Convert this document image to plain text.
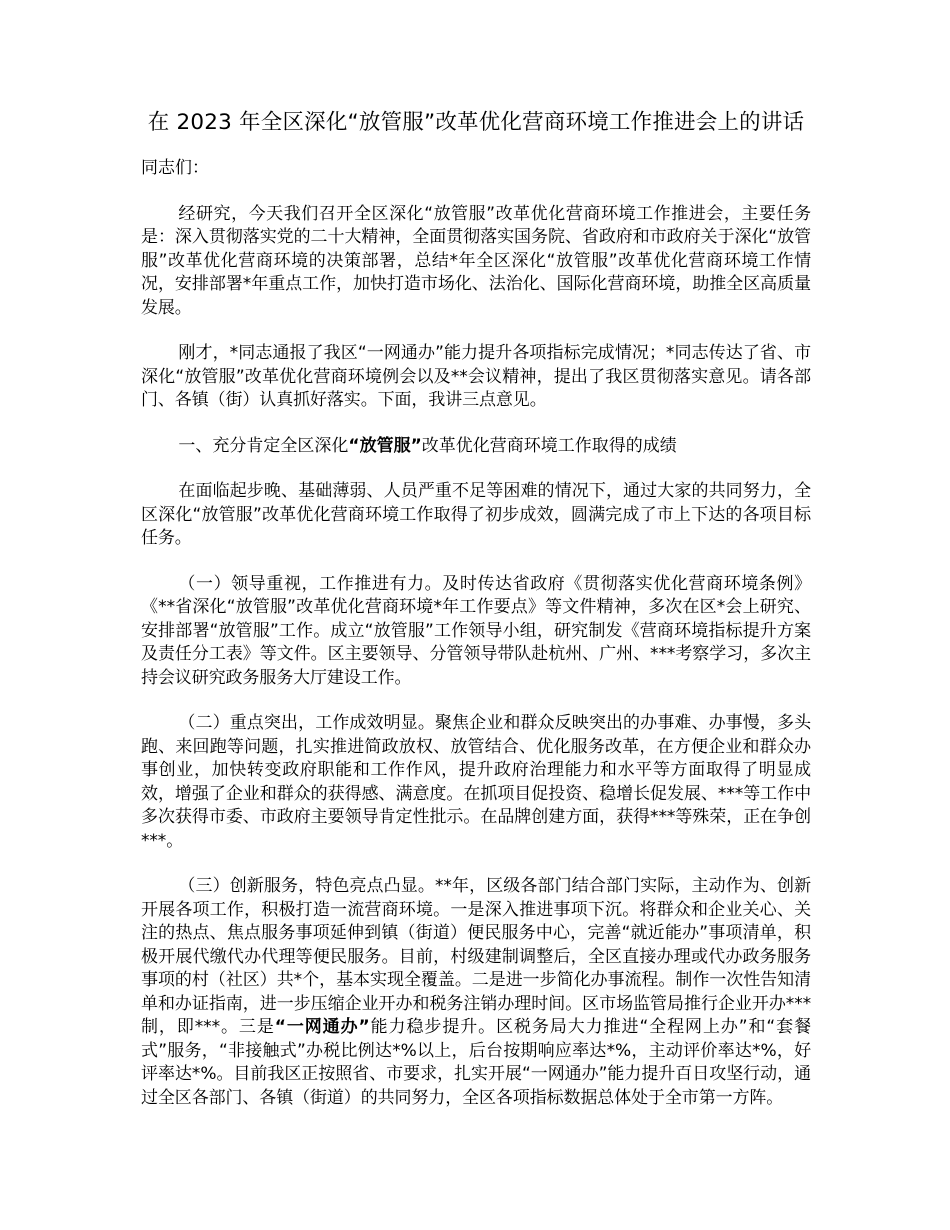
在 2023 年全区深化“放管服”改革优化营商环境工作推进会上的讲话

同志们：

经研究，今天我们召开全区深化“放管服”改革优化营商环境工作推进会，主要任务是：深入贯彻落实党的二十大精神，全面贯彻落实国务院、省政府和市政府关于深化“放管服”改革优化营商环境的决策部署，总结*年全区深化“放管服”改革优化营商环境工作情况，安排部署*年重点工作，加快打造市场化、法治化、国际化营商环境，助推全区高质量发展。

刚才，*同志通报了我区“一网通办”能力提升各项指标完成情况；*同志传达了省、市深化“放管服”改革优化营商环境例会以及**会议精神，提出了我区贯彻落实意见。请各部门、各镇（街）认真抓好落实。下面，我讲三点意见。

一、充分肯定全区深化“放管服”改革优化营商环境工作取得的成绩

在面临起步晚、基础薄弱、人员严重不足等困难的情况下，通过大家的共同努力，全区深化“放管服”改革优化营商环境工作取得了初步成效，圆满完成了市上下达的各项目标任务。

（一）领导重视，工作推进有力。及时传达省政府《贯彻落实优化营商环境条例》《**省深化“放管服”改革优化营商环境*年工作要点》等文件精神，多次在区*会上研究、安排部署“放管服”工作。成立“放管服”工作领导小组，研究制发《营商环境指标提升方案及责任分工表》等文件。区主要领导、分管领导带队赴杭州、广州、***考察学习，多次主持会议研究政务服务大厅建设工作。

（二）重点突出，工作成效明显。聚焦企业和群众反映突出的办事难、办事慢，多头跑、来回跑等问题，扎实推进简政放权、放管结合、优化服务改革，在方便企业和群众办事创业，加快转变政府职能和工作作风，提升政府治理能力和水平等方面取得了明显成效，增强了企业和群众的获得感、满意度。在抓项目促投资、稳增长促发展、***等工作中多次获得市委、市政府主要领导肯定性批示。在品牌创建方面，获得***等殊荣，正在争创***。

（三）创新服务，特色亮点凸显。**年，区级各部门结合部门实际，主动作为、创新开展各项工作，积极打造一流营商环境。一是深入推进事项下沉。将群众和企业关心、关注的热点、焦点服务事项延伸到镇（街道）便民服务中心，完善“就近能办”事项清单，积极开展代缴代办代理等便民服务。目前，村级建制调整后，全区直接办理或代办政务服务事项的村（社区）共*个，基本实现全覆盖。二是进一步简化办事流程。制作一次性告知清单和办证指南，进一步压缩企业开办和税务注销办理时间。区市场监管局推行企业开办***制，即***。三是“一网通办”能力稳步提升。区税务局大力推进“全程网上办”和“套餐式”服务，“非接触式”办税比例达*%以上，后台按期响应率达*%，主动评价率达*%，好评率达*%。目前我区正按照省、市要求，扎实开展“一网通办”能力提升百日攻坚行动，通过全区各部门、各镇（街道）的共同努力，全区各项指标数据总体处于全市第一方阵。
